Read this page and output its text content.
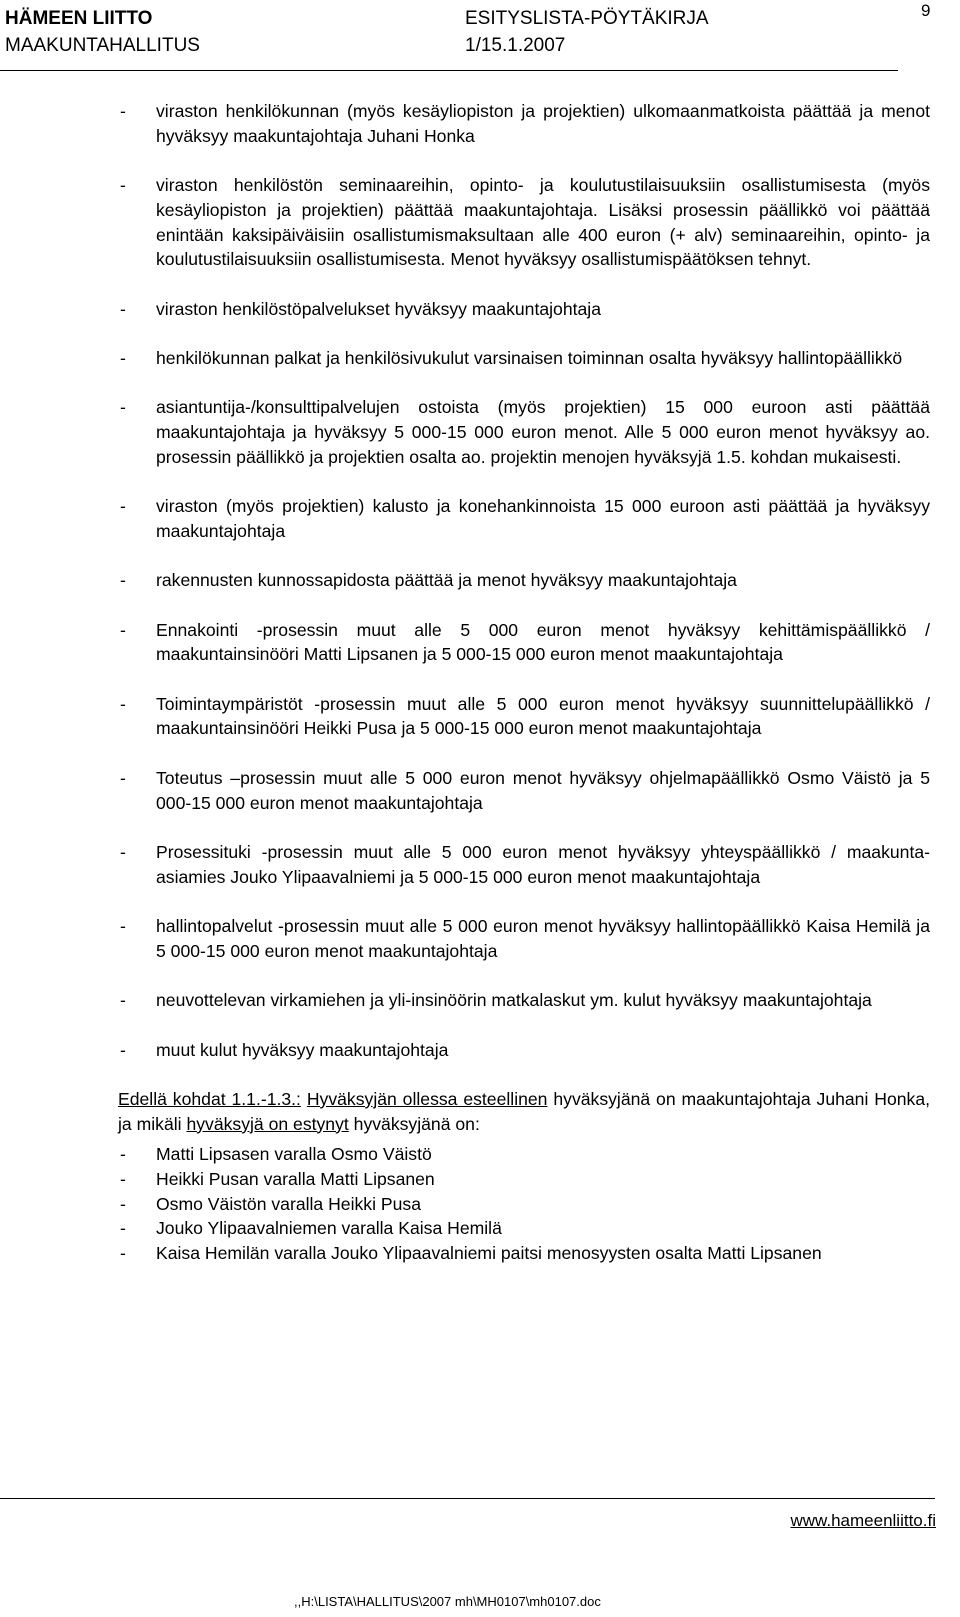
HÄMEEN LIITTO
MAAKUNTAHALLITUS
ESITYSLISTA-PÖYTÄKIRJA
1/15.1.2007
9

- viraston henkilökunnan (myös kesäyliopiston ja projektien) ulkomaanmatkoista päättää ja menot hyväksyy maakuntajohtaja Juhani Honka

- viraston henkilöstön seminaareihin, opinto- ja koulutustilaisuuksiin osallistumisesta (myös kesäyliopiston ja projektien) päättää maakuntajohtaja. Lisäksi prosessin päällikkö voi päättää enintään kaksipäiväisiin osallistumismaksultaan alle 400 euron (+ alv) seminaareihin, opinto- ja koulutustilaisuuksiin osallistumisesta. Menot hyväksyy osallistumispäätöksen tehnyt.

- viraston henkilöstöpalvelukset hyväksyy maakuntajohtaja

- henkilökunnan palkat ja henkilösivukulut varsinaisen toiminnan osalta hyväksyy hallintopäällikkö

- asiantuntija-/konsulttipalvelujen ostoista (myös projektien) 15 000 euroon asti päättää maakuntajohtaja ja hyväksyy 5 000-15 000 euron menot. Alle 5 000 euron menot hyväksyy ao. prosessin päällikkö ja projektien osalta ao. projektin menojen hyväksyjä 1.5. kohdan mukaisesti.

- viraston (myös projektien) kalusto ja konehankinnoista 15 000 euroon asti päättää ja hyväksyy maakuntajohtaja

- rakennusten kunnossapidosta päättää ja menot hyväksyy maakuntajohtaja

- Ennakointi -prosessin muut alle 5 000 euron menot hyväksyy kehittämispäällikkö / maakuntainsinööri Matti Lipsanen ja 5 000-15 000 euron menot maakuntajohtaja

- Toimintaympäristöt -prosessin muut alle 5 000 euron menot hyväksyy suunnittelupäällikkö / maakuntainsinööri Heikki Pusa ja 5 000-15 000 euron menot maakuntajohtaja

- Toteutus –prosessin muut alle 5 000 euron menot hyväksyy ohjelmapäällikkö Osmo Väistö ja 5 000-15 000 euron menot maakuntajohtaja

- Prosessituki -prosessin muut alle 5 000 euron menot hyväksyy yhteyspäällikkö / maakunta-asiamies Jouko Ylipaavalniemi ja 5 000-15 000 euron menot maakuntajohtaja

- hallintopalvelut -prosessin muut alle 5 000 euron menot hyväksyy hallintopäällikkö Kaisa Hemilä ja 5 000-15 000 euron menot maakuntajohtaja

- neuvottelevan virkamiehen ja yli-insinöörin matkalaskut ym. kulut hyväksyy maakuntajohtaja

- muut kulut hyväksyy maakuntajohtaja

Edellä kohdat 1.1.-1.3.: Hyväksyjän ollessa esteellinen hyväksyjänä on maakuntajohtaja Juhani Honka, ja mikäli hyväksyjä on estynyt hyväksyjänä on:

- Matti Lipsasen varalla Osmo Väistö

- Heikki Pusan varalla Matti Lipsanen

- Osmo Väistön varalla Heikki Pusa

- Jouko Ylipaavalniemen varalla Kaisa Hemilä

- Kaisa Hemilän varalla Jouko Ylipaavalniemi paitsi menosyysten osalta Matti Lipsanen

www.hameenliitto.fi
,,H:\LISTA\HALLITUS\2007 mh\MH0107\mh0107.doc
